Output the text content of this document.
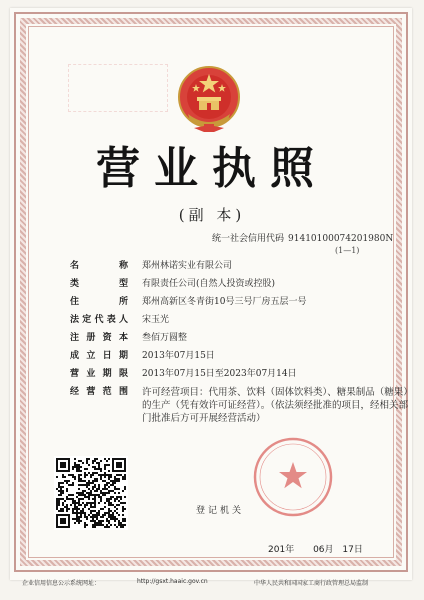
营业执照
(副 本)
统一社会信用代码 91410100074201980N
(1—1)
名 称 郑州林诺实业有限公司
类 型 有限责任公司(自然人投资或控股)
住 所 郑州高新区冬青街10号三号厂房五层一号
法定代表人 宋玉光
注册资本 叁佰万圆整
成立日期 2013年07月15日
营业期限 2013年07月15日至2023年07月14日
经营范围 许可经营项目：代用茶、饮料（固体饮料类）、糖果制品（糖果）的生产（凭有效许可证经营）。（依法须经批准的项目，经相关部门批准后方可开展经营活动）
登记机关
201年 06月 17日
企业信用信息公示系统网址：	http://gsxt.haaic.gov.cn	中华人民共和国国家工商行政管理总局监制
